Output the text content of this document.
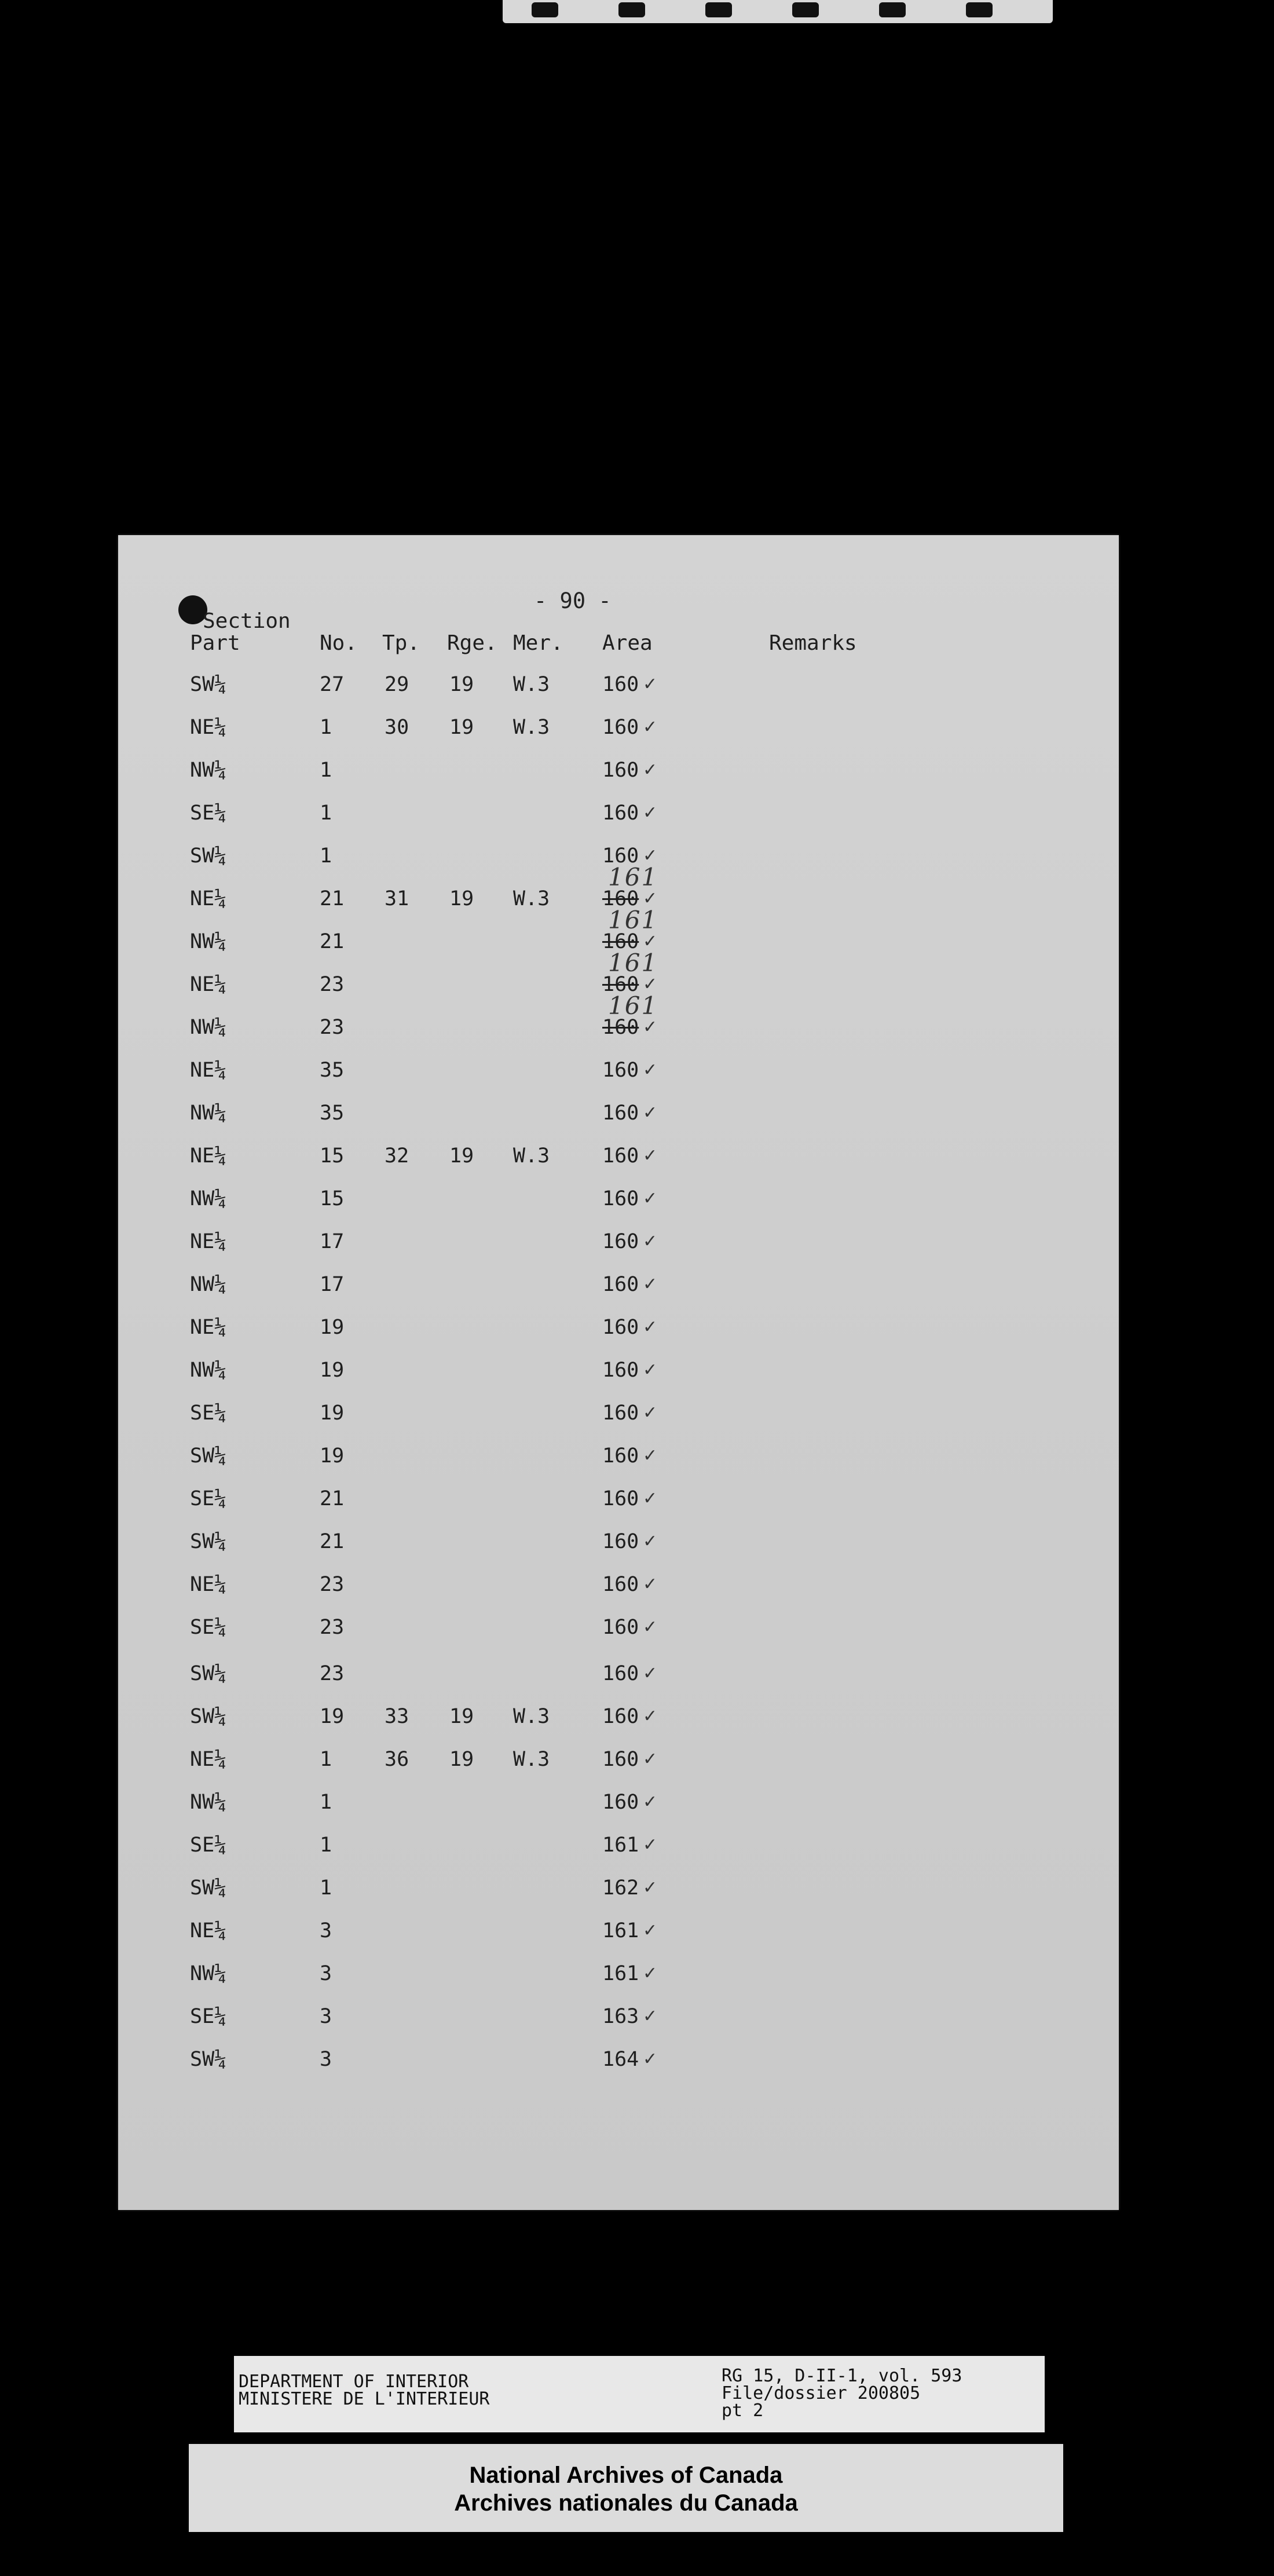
- 90 -
Section
Part	No. Tp. Rge. Mer. Area	Remarks
SW¼	27 29 19 W.3	160 ✓
NE¼	1	30 19 W.3	160 ✓
NW¼	1	160 ✓
SE¼	1	160 ✓
SW¼	1	160 ✓
NE¼	21 31 19 W.3	160 ✓
161
NW¼	21	160 ✓
161
NE¼	23	160 ✓
161
NW¼	23	160 ✓
161
NE¼	35	160 ✓
NW¼	35	160 ✓
NE¼	15 32 19 W.3	160 ✓
NW¼	15	160 ✓
NE¼	17	160 ✓
NW¼	17	160 ✓
NE¼	19	160 ✓
NW¼	19	160 ✓
SE¼	19	160 ✓
SW¼	19	160 ✓
SE¼	21	160 ✓
SW¼	21	160 ✓
NE¼	23	160 ✓
SE¼	23	160 ✓
SW¼	23	160 ✓
SW¼	19 33 19 W.3	160 ✓
NE¼	1	36 19 W.3	160 ✓
NW¼	1	160 ✓
SE¼	1	161 ✓
SW¼	1	162 ✓
NE¼	3	161 ✓
NW¼	3	161 ✓
SE¼	3	163 ✓
SW¼	3	164 ✓
DEPARTMENT OF INTERIOR
MINISTERE DE L'INTERIEUR
RG 15, D-II-1, vol. 593
File/dossier 200805
pt 2
National Archives of Canada
Archives nationales du Canada
